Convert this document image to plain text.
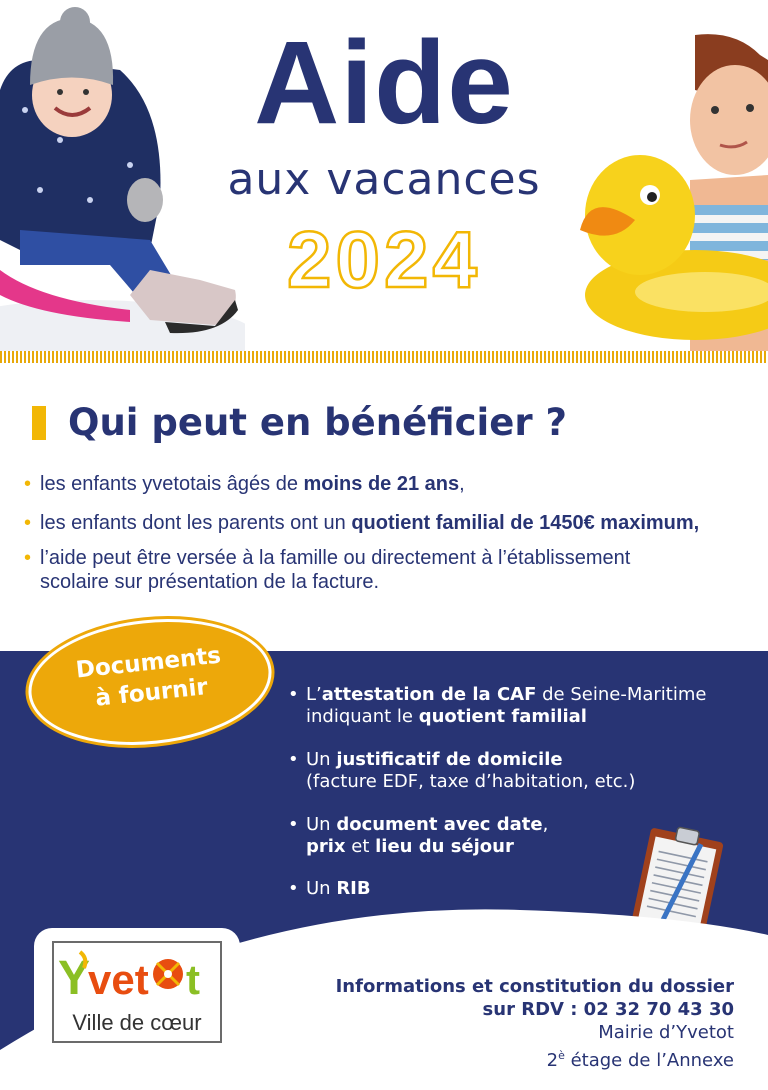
Aide
aux vacances
2024
Qui peut en bénéficier ?
• les enfants yvetotais âgés de moins de 21 ans,
• les enfants dont les parents ont un quotient familial de 1450€ maximum,
• l’aide peut être versée à la famille ou directement à l’établissement scolaire sur présentation de la facture.
Documents
à fournir	• L’attestation de la CAF de Seine-Maritime
indiquant le quotient familial
• Un justificatif de domicile
(facture EDF, taxe d’habitation, etc.)
• Un document avec date,
prix et lieu du séjour
• Un RIB
Y
vet t
Ville de cœur
Informations et constitution du dossier
sur RDV : 02 32 70 43 30
Mairie d’Yvetot
$2^è$ étage de l’Annexe
